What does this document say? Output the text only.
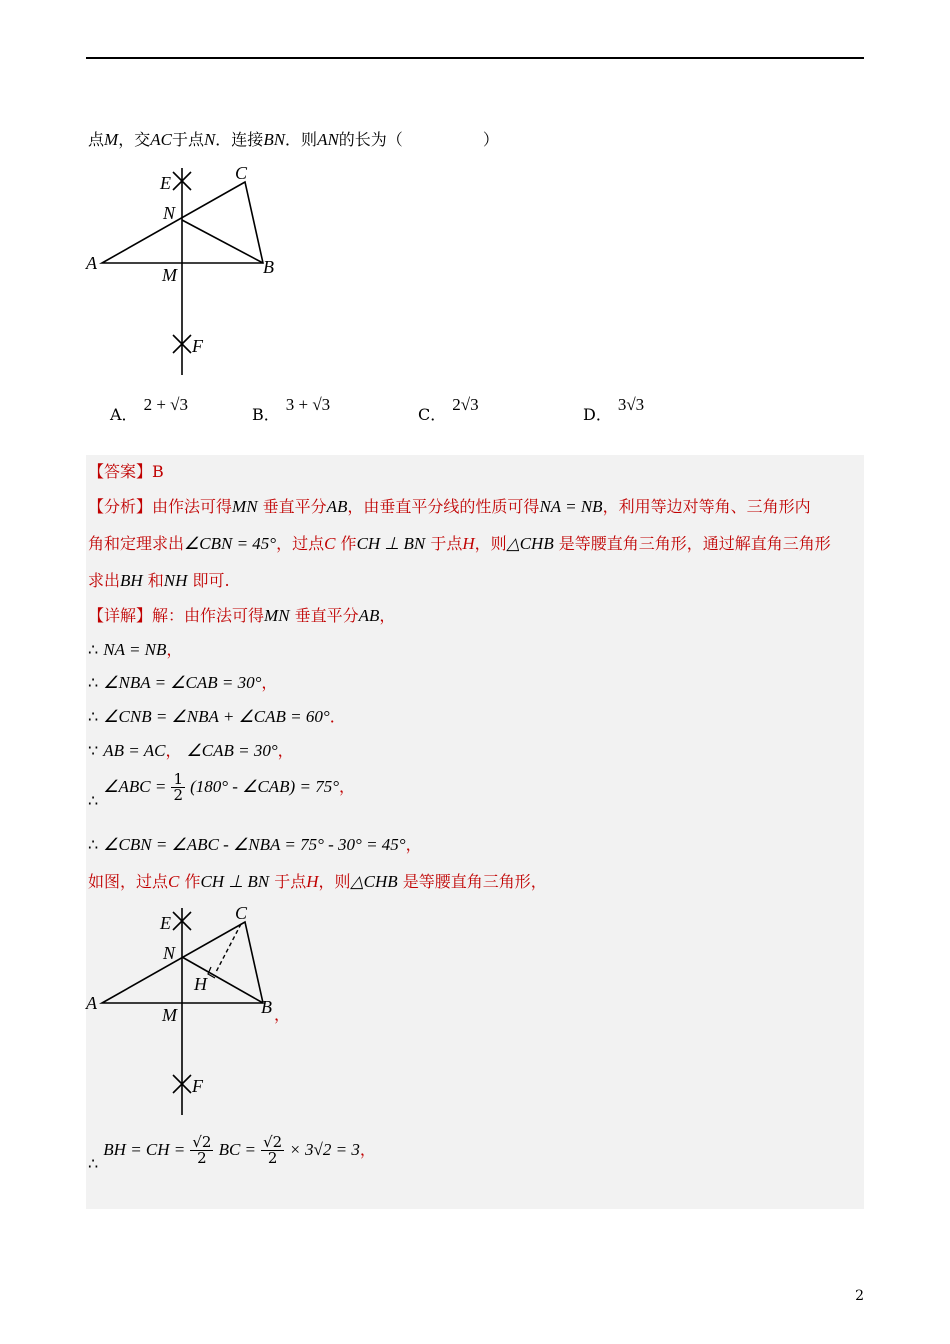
点M，交AC于点N．连接BN．则AN的长为（	）
E	C
N
A	B
M
F
A．2 + √3
B．3 + √3
C．2√3
D．3√3
【答案】B
【分析】由作法可得MN 垂直平分AB，由垂直平分线的性质可得NA = NB，利用等边对等角、三角形内
角和定理求出∠CBN = 45°，过点C 作CH ⊥ BN 于点H，则△CHB 是等腰直角三角形，通过解直角三角形
求出BH 和NH 即可.
【详解】解：由作法可得MN 垂直平分AB，
∴ NA = NB，
∴ ∠NBA = ∠CAB = 30°，
∴ ∠CNB = ∠NBA + ∠CAB = 60°．
∵ AB = AC， ∠CAB = 30°，
∴ ∠ABC = $\frac{1}{2} (180^\circ$ - ∠CAB) = 75°，
∴ ∠CBN = ∠ABC - ∠NBA = 75° - 30° = 45°，
如图，过点C 作CH ⊥ BN 于点H，则△CHB 是等腰直角三角形，
E	C
N
H
A	B
M
F
，
∴ BH = CH = $\frac{√2}{2}$ BC = $\frac{√2}{2} \times 3√2 = 3$，
2
